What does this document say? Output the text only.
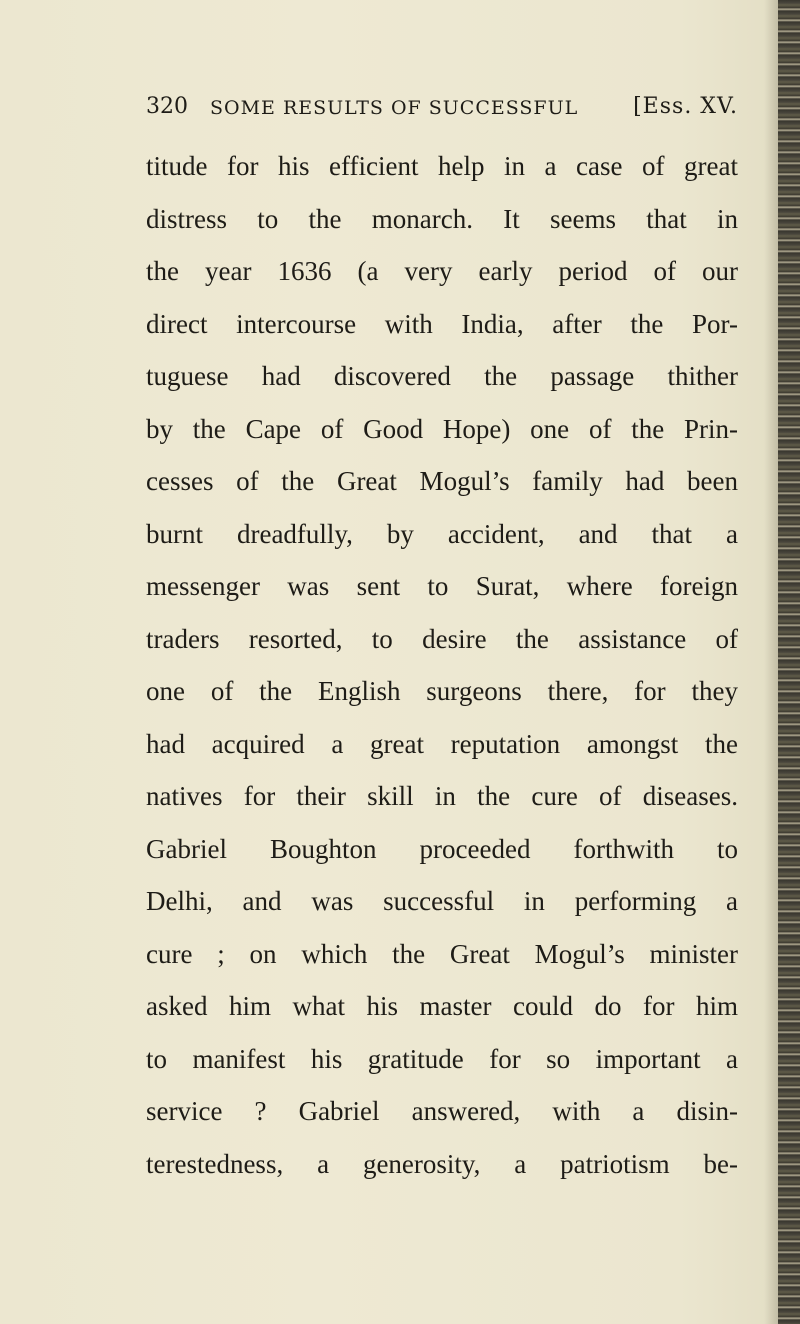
320 SOME RESULTS OF SUCCESSFUL [Ess. XV.
titude for his efficient help in a case of great
distress to the monarch. It seems that in
the year 1636 (a very early period of our
direct intercourse with India, after the Por-
tuguese had discovered the passage thither
by the Cape of Good Hope) one of the Prin-
cesses of the Great Mogul’s family had been
burnt dreadfully, by accident, and that a
messenger was sent to Surat, where foreign
traders resorted, to desire the assistance of
one of the English surgeons there, for they
had acquired a great reputation amongst the
natives for their skill in the cure of diseases.
Gabriel Boughton proceeded forthwith to
Delhi, and was successful in performing a
cure ; on which the Great Mogul’s minister
asked him what his master could do for him
to manifest his gratitude for so important a
service ? Gabriel answered, with a disin-
terestedness, a generosity, a patriotism be-
